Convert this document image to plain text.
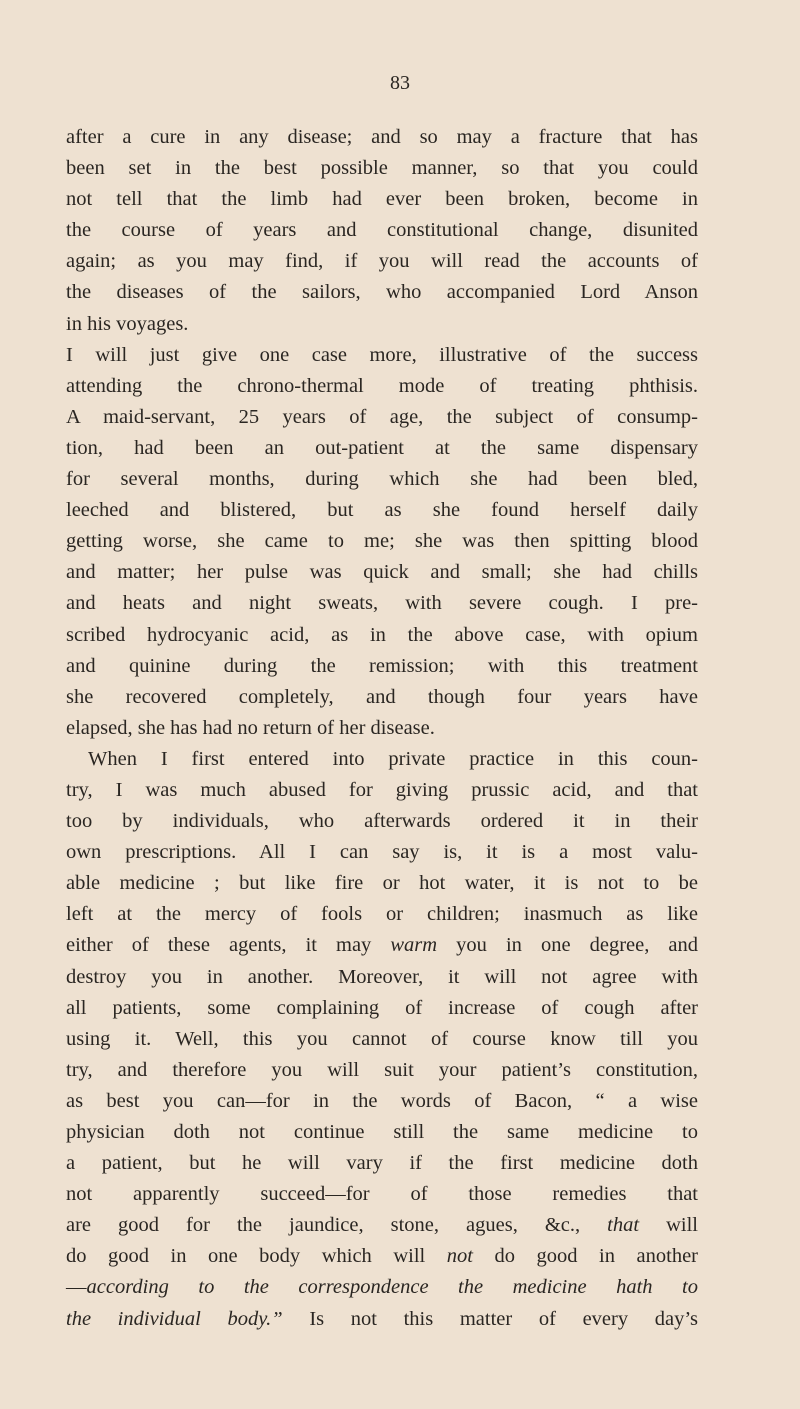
83
after a cure in any disease; and so may a fracture that has
been set in the best possible manner, so that you could
not tell that the limb had ever been broken, become in
the course of years and constitutional change, disunited
again; as you may find, if you will read the accounts of
the diseases of the sailors, who accompanied Lord Anson
in his voyages.
I will just give one case more, illustrative of the success
attending the chrono-thermal mode of treating phthisis.
A maid-servant, 25 years of age, the subject of consump-
tion, had been an out-patient at the same dispensary
for several months, during which she had been bled,
leeched and blistered, but as she found herself daily
getting worse, she came to me; she was then spitting blood
and matter; her pulse was quick and small; she had chills
and heats and night sweats, with severe cough. I pre-
scribed hydrocyanic acid, as in the above case, with opium
and quinine during the remission; with this treatment
she recovered completely, and though four years have
elapsed, she has had no return of her disease.
When I first entered into private practice in this coun-
try, I was much abused for giving prussic acid, and that
too by individuals, who afterwards ordered it in their
own prescriptions. All I can say is, it is a most valu-
able medicine ; but like fire or hot water, it is not to be
left at the mercy of fools or children; inasmuch as like
either of these agents, it may warm you in one degree, and
destroy you in another. Moreover, it will not agree with
all patients, some complaining of increase of cough after
using it. Well, this you cannot of course know till you
try, and therefore you will suit your patient’s constitution,
as best you can—for in the words of Bacon, “ a wise
physician doth not continue still the same medicine to
a patient, but he will vary if the first medicine doth
not apparently succeed—for of those remedies that
are good for the jaundice, stone, agues, &c., that will
do good in one body which will not do good in another
—according to the correspondence the medicine hath to
the individual body.” Is not this matter of every day’s
